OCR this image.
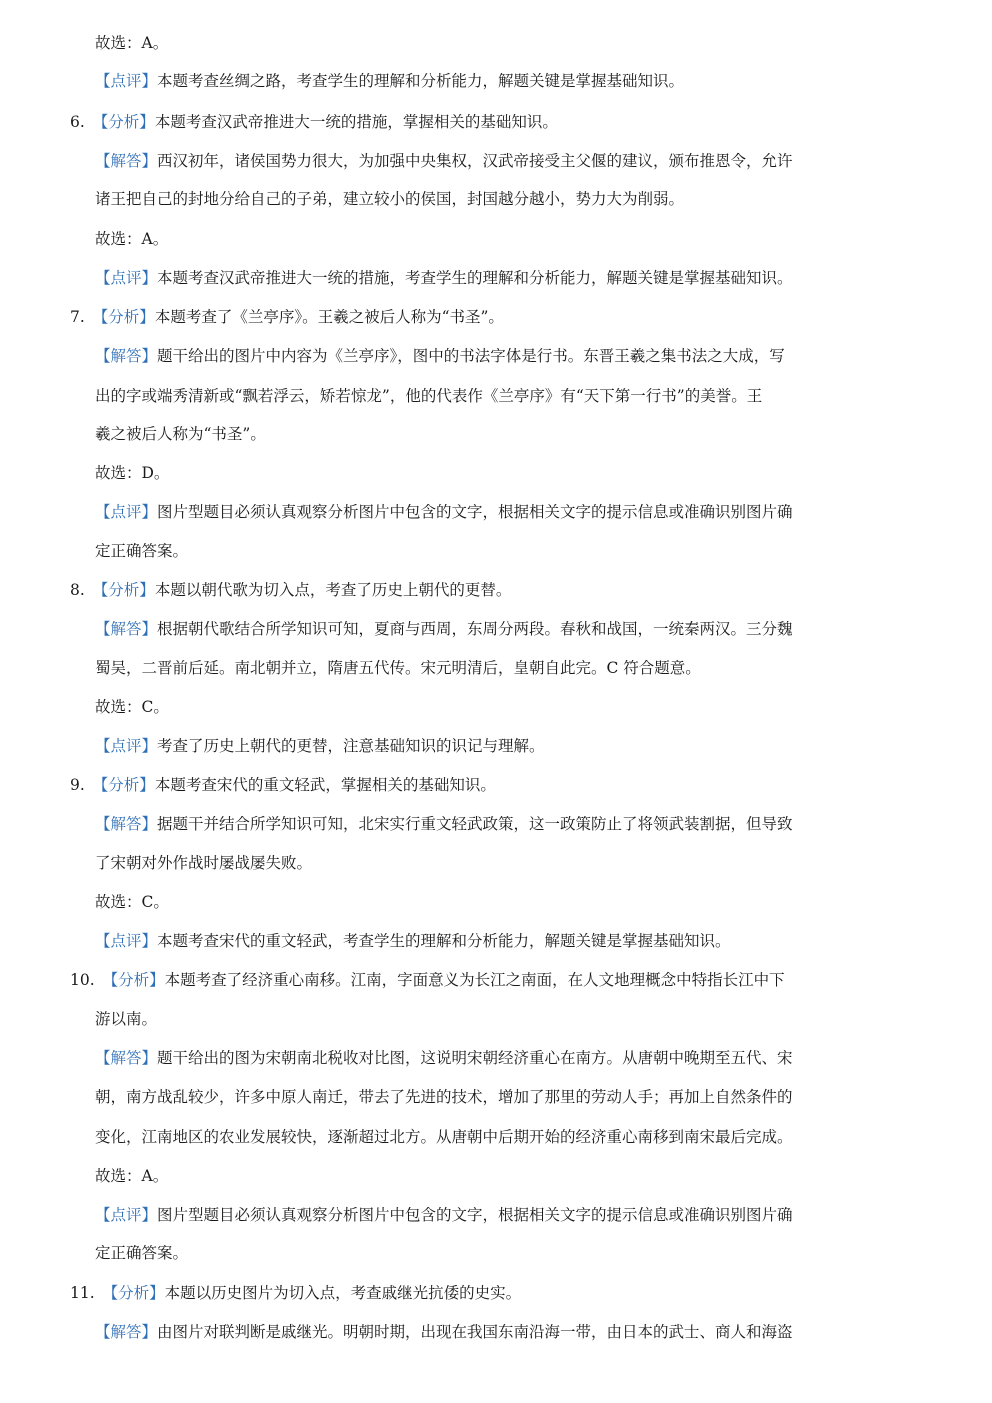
故选：A。
【点评】本题考查丝绸之路，考查学生的理解和分析能力，解题关键是掌握基础知识。
6. 【分析】本题考查汉武帝推进大一统的措施，掌握相关的基础知识。
【解答】西汉初年，诸侯国势力很大，为加强中央集权，汉武帝接受主父偃的建议，颁布推恩令，允许
诸王把自己的封地分给自己的子弟，建立较小的侯国，封国越分越小，势力大为削弱。
故选：A。
【点评】本题考查汉武帝推进大一统的措施，考查学生的理解和分析能力，解题关键是掌握基础知识。
7. 【分析】本题考查了《兰亭序》。王羲之被后人称为“书圣”。
【解答】题干给出的图片中内容为《兰亭序》，图中的书法字体是行书。东晋王羲之集书法之大成，写
出的字或端秀清新或“飘若浮云，矫若惊龙”，他的代表作《兰亭序》有“天下第一行书”的美誉。王
羲之被后人称为“书圣”。
故选：D。
【点评】图片型题目必须认真观察分析图片中包含的文字，根据相关文字的提示信息或准确识别图片确
定正确答案。
8. 【分析】本题以朝代歌为切入点，考查了历史上朝代的更替。
【解答】根据朝代歌结合所学知识可知，夏商与西周，东周分两段。春秋和战国，一统秦两汉。三分魏
蜀吴，二晋前后延。南北朝并立，隋唐五代传。宋元明清后，皇朝自此完。C 符合题意。
故选：C。
【点评】考查了历史上朝代的更替，注意基础知识的识记与理解。
9. 【分析】本题考查宋代的重文轻武，掌握相关的基础知识。
【解答】据题干并结合所学知识可知，北宋实行重文轻武政策，这一政策防止了将领武装割据，但导致
了宋朝对外作战时屡战屡失败。
故选：C。
【点评】本题考查宋代的重文轻武，考查学生的理解和分析能力，解题关键是掌握基础知识。
10. 【分析】本题考查了经济重心南移。江南，字面意义为长江之南面，在人文地理概念中特指长江中下
游以南。
【解答】题干给出的图为宋朝南北税收对比图，这说明宋朝经济重心在南方。从唐朝中晚期至五代、宋
朝，南方战乱较少，许多中原人南迁，带去了先进的技术，增加了那里的劳动人手；再加上自然条件的
变化，江南地区的农业发展较快，逐渐超过北方。从唐朝中后期开始的经济重心南移到南宋最后完成。
故选：A。
【点评】图片型题目必须认真观察分析图片中包含的文字，根据相关文字的提示信息或准确识别图片确
定正确答案。
11. 【分析】本题以历史图片为切入点，考查戚继光抗倭的史实。
【解答】由图片对联判断是戚继光。明朝时期，出现在我国东南沿海一带，由日本的武士、商人和海盗
